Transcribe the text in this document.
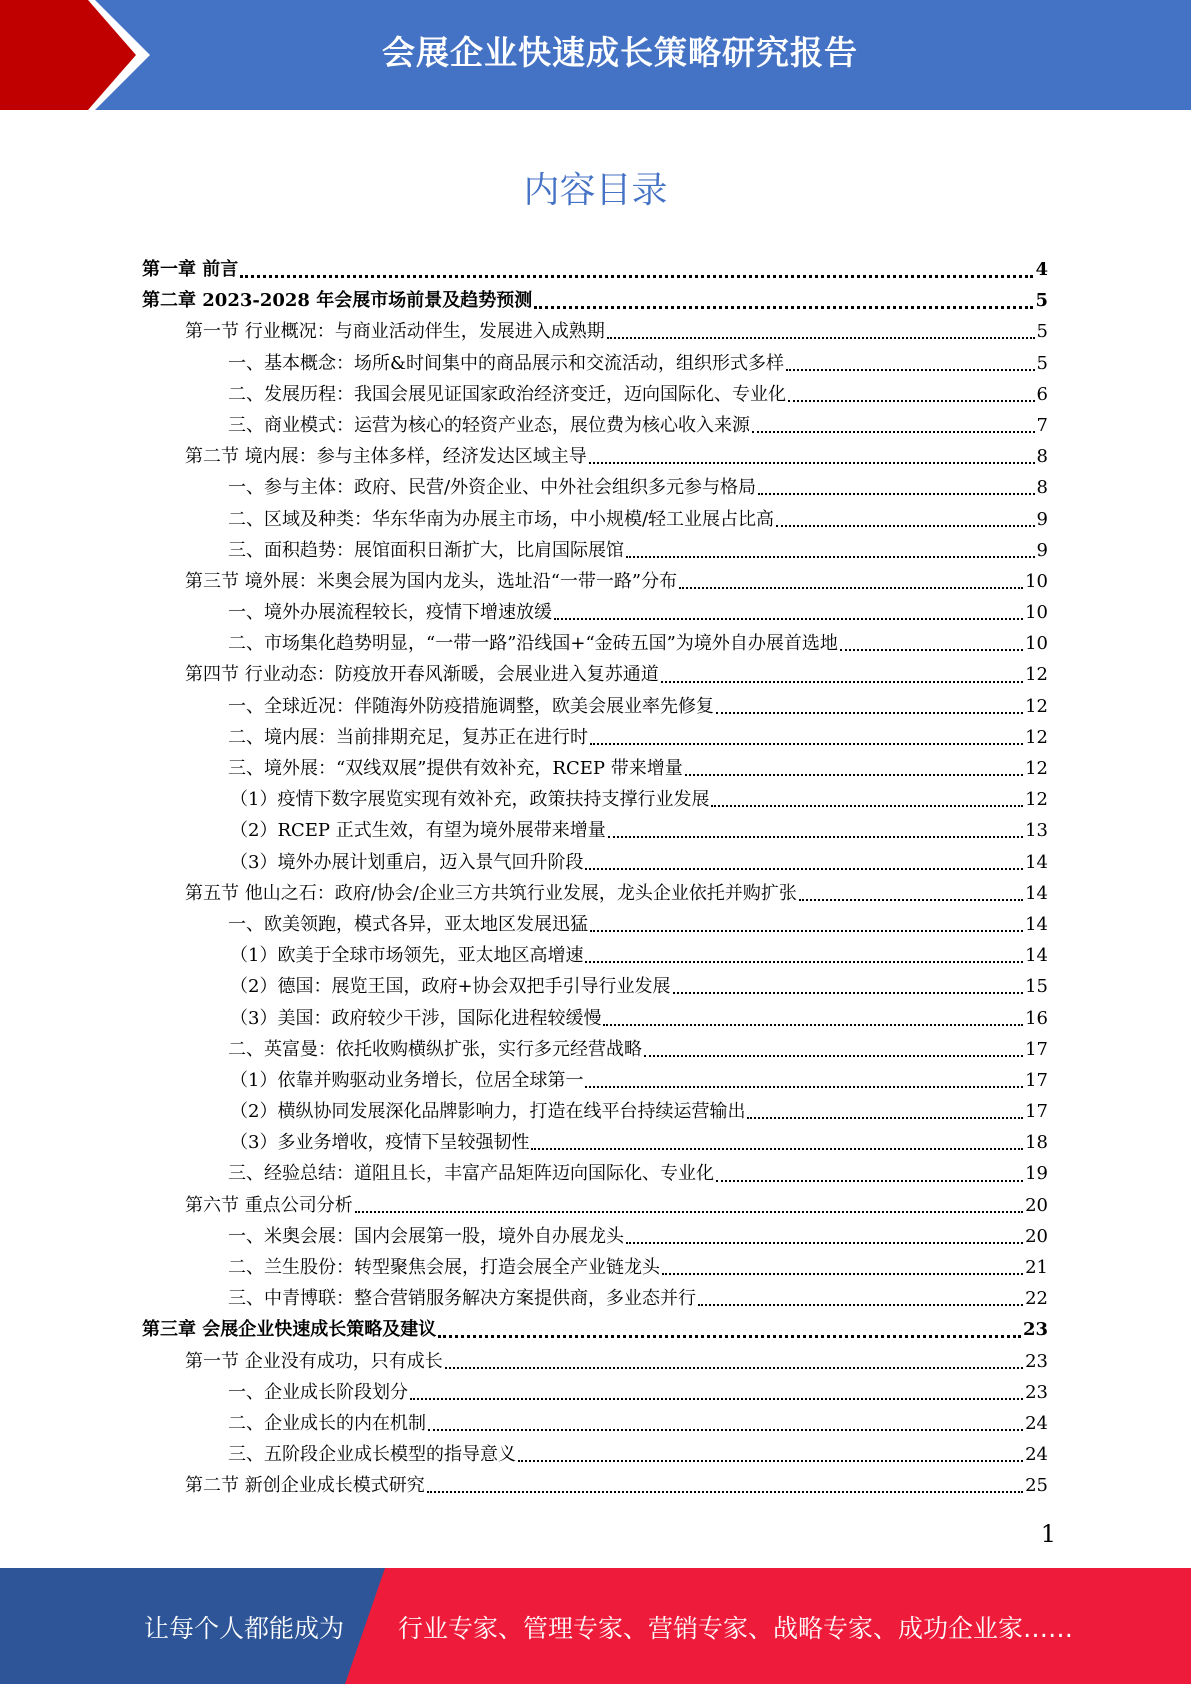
会展企业快速成长策略研究报告
内容目录
第一章 前言	4
第二章 2023-2028 年会展市场前景及趋势预测	5
第一节 行业概况：与商业活动伴生，发展进入成熟期	5
一、基本概念：场所&时间集中的商品展示和交流活动，组织形式多样	5
二、发展历程：我国会展见证国家政治经济变迁，迈向国际化、专业化	6
三、商业模式：运营为核心的轻资产业态，展位费为核心收入来源	7
第二节 境内展：参与主体多样，经济发达区域主导	8
一、参与主体：政府、民营/外资企业、中外社会组织多元参与格局	8
二、区域及种类：华东华南为办展主市场，中小规模/轻工业展占比高	9
三、面积趋势：展馆面积日渐扩大，比肩国际展馆	9
第三节 境外展：米奥会展为国内龙头，选址沿“一带一路”分布	10
一、境外办展流程较长，疫情下增速放缓	10
二、市场集化趋势明显，“一带一路”沿线国+“金砖五国”为境外自办展首选地	10
第四节 行业动态：防疫放开春风渐暖，会展业进入复苏通道	12
一、全球近况：伴随海外防疫措施调整，欧美会展业率先修复	12
二、境内展：当前排期充足，复苏正在进行时	12
三、境外展：“双线双展”提供有效补充，RCEP 带来增量	12
（1）疫情下数字展览实现有效补充，政策扶持支撑行业发展	12
（2）RCEP 正式生效，有望为境外展带来增量	13
（3）境外办展计划重启，迈入景气回升阶段	14
第五节 他山之石：政府/协会/企业三方共筑行业发展，龙头企业依托并购扩张	14
一、欧美领跑，模式各异，亚太地区发展迅猛	14
（1）欧美于全球市场领先，亚太地区高增速	14
（2）德国：展览王国，政府+协会双把手引导行业发展	15
（3）美国：政府较少干涉，国际化进程较缓慢	16
二、英富曼：依托收购横纵扩张，实行多元经营战略	17
（1）依靠并购驱动业务增长，位居全球第一	17
（2）横纵协同发展深化品牌影响力，打造在线平台持续运营输出	17
（3）多业务增收，疫情下呈较强韧性	18
三、经验总结：道阻且长，丰富产品矩阵迈向国际化、专业化	19
第六节 重点公司分析	20
一、米奥会展：国内会展第一股，境外自办展龙头	20
二、兰生股份：转型聚焦会展，打造会展全产业链龙头	21
三、中青博联：整合营销服务解决方案提供商，多业态并行	22
第三章 会展企业快速成长策略及建议	23
第一节 企业没有成功，只有成长	23
一、企业成长阶段划分	23
二、企业成长的内在机制	24
三、五阶段企业成长模型的指导意义	24
第二节 新创企业成长模式研究	25
1
让每个人都能成为 行业专家、管理专家、营销专家、战略专家、成功企业家……
